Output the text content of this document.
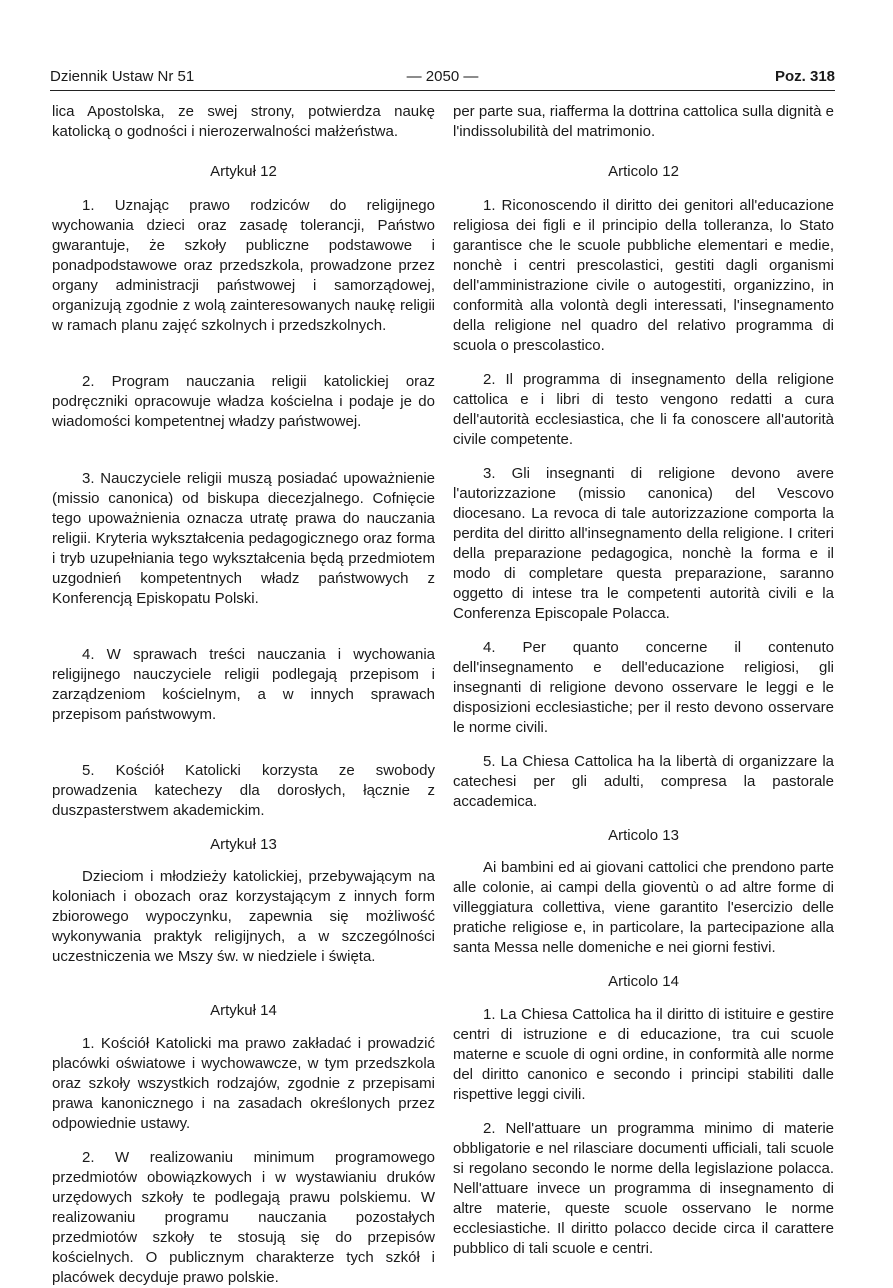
Dziennik Ustaw Nr 51	— 2050 —	Poz. 318

lica Apostolska, ze swej strony, potwierdza naukę katolicką o godności i nierozerwalności małżeństwa.

Artykuł 12

1. Uznając prawo rodziców do religijnego wychowania dzieci oraz zasadę tolerancji, Państwo gwarantuje, że szkoły publiczne podstawowe i ponadpodstawowe oraz przedszkola, prowadzone przez organy administracji państwowej i samorządowej, organizują zgodnie z wolą zainteresowanych naukę religii w ramach planu zajęć szkolnych i przedszkolnych.

2. Program nauczania religii katolickiej oraz podręczniki opracowuje władza kościelna i podaje je do wiadomości kompetentnej władzy państwowej.

3. Nauczyciele religii muszą posiadać upoważnienie (missio canonica) od biskupa diecezjalnego. Cofnięcie tego upoważnienia oznacza utratę prawa do nauczania religii. Kryteria wykształcenia pedagogicznego oraz forma i tryb uzupełniania tego wykształcenia będą przedmiotem uzgodnień kompetentnych władz państwowych z Konferencją Episkopatu Polski.

4. W sprawach treści nauczania i wychowania religijnego nauczyciele religii podlegają przepisom i zarządzeniom kościelnym, a w innych sprawach przepisom państwowym.

5. Kościół Katolicki korzysta ze swobody prowadzenia katechezy dla dorosłych, łącznie z duszpasterstwem akademickim.

Artykuł 13

Dzieciom i młodzieży katolickiej, przebywającym na koloniach i obozach oraz korzystającym z innych form zbiorowego wypoczynku, zapewnia się możliwość wykonywania praktyk religijnych, a w szczególności uczestniczenia we Mszy św. w niedziele i święta.

Artykuł 14

1. Kościół Katolicki ma prawo zakładać i prowadzić placówki oświatowe i wychowawcze, w tym przedszkola oraz szkoły wszystkich rodzajów, zgodnie z przepisami prawa kanonicznego i na zasadach określonych przez odpowiednie ustawy.

2. W realizowaniu minimum programowego przedmiotów obowiązkowych i w wystawianiu druków urzędowych szkoły te podlegają prawu polskiemu. W realizowaniu programu nauczania pozostałych przedmiotów szkoły te stosują się do przepisów kościelnych. O publicznym charakterze tych szkół i placówek decyduje prawo polskie.

per parte sua, riafferma la dottrina cattolica sulla dignità e l'indissolubilità del matrimonio.

Articolo 12

1. Riconoscendo il diritto dei genitori all'educazione religiosa dei figli e il principio della tolleranza, lo Stato garantisce che le scuole pubbliche elementari e medie, nonchè i centri prescolastici, gestiti dagli organismi dell'amministrazione civile o autogestiti, organizzino, in conformità alla volontà degli interessati, l'insegnamento della religione nel quadro del relativo programma di scuola o prescolastico.

2. Il programma di insegnamento della religione cattolica e i libri di testo vengono redatti a cura dell'autorità ecclesiastica, che li fa conoscere all'autorità civile competente.

3. Gli insegnanti di religione devono avere l'autorizzazione (missio canonica) del Vescovo diocesano. La revoca di tale autorizzazione comporta la perdita del diritto all'insegnamento della religione. I criteri della preparazione pedagogica, nonchè la forma e il modo di completare questa preparazione, saranno oggetto di intese tra le competenti autorità civili e la Conferenza Episcopale Polacca.

4. Per quanto concerne il contenuto dell'insegnamento e dell'educazione religiosi, gli insegnanti di religione devono osservare le leggi e le disposizioni ecclesiastiche; per il resto devono osservare le norme civili.

5. La Chiesa Cattolica ha la libertà di organizzare la catechesi per gli adulti, compresa la pastorale accademica.

Articolo 13

Ai bambini ed ai giovani cattolici che prendono parte alle colonie, ai campi della gioventù o ad altre forme di villeggiatura collettiva, viene garantito l'esercizio delle pratiche religiose e, in particolare, la partecipazione alla santa Messa nelle domeniche e nei giorni festivi.

Articolo 14

1. La Chiesa Cattolica ha il diritto di istituire e gestire centri di istruzione e di educazione, tra cui scuole materne e scuole di ogni ordine, in conformità alle norme del diritto canonico e secondo i principi stabiliti dalle rispettive leggi civili.

2. Nell'attuare un programma minimo di materie obbligatorie e nel rilasciare documenti ufficiali, tali scuole si regolano secondo le norme della legislazione polacca. Nell'attuare invece un programma di insegnamento di altre materie, queste scuole osservano le norme ecclesiastiche. Il diritto polacco decide circa il carattere pubblico di tali scuole e centri.
